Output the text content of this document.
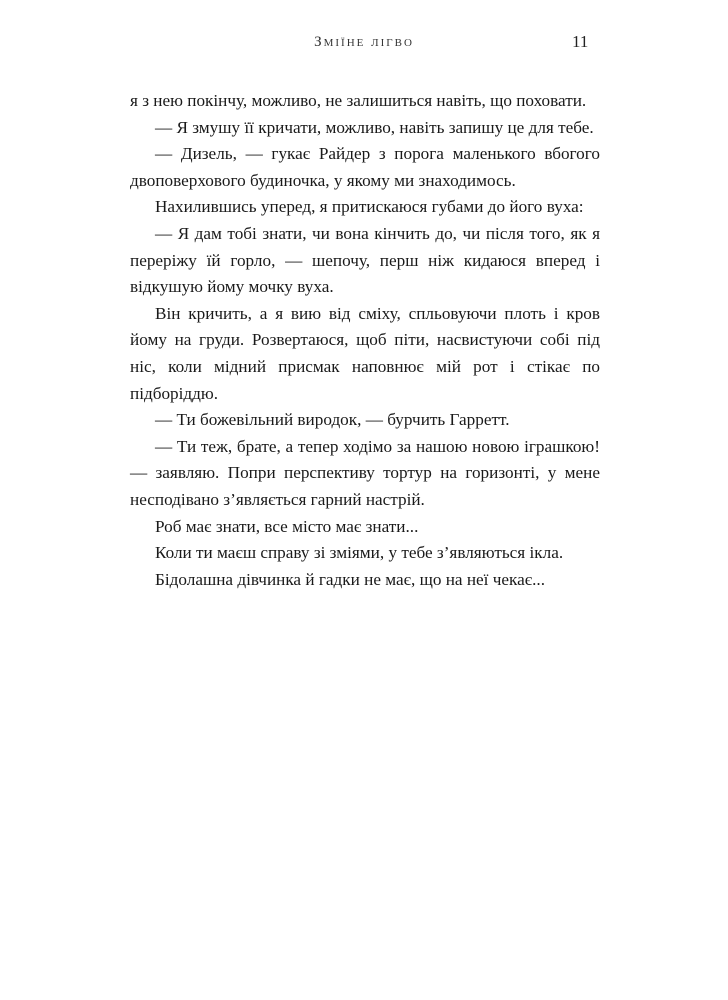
Зміїне лігво	11

я з нею покінчу, можливо, не залишиться навіть, що поховати.

— Я змушу її кричати, можливо, навіть запишу це для тебе.

— Дизель, — гукає Райдер з порога маленького вбогого двоповерхового будиночка, у якому ми знаходимось.

Нахилившись уперед, я притискаюся губами до його вуха:

— Я дам тобі знати, чи вона кінчить до, чи після того, як я переріжу їй горло, — шепочу, перш ніж кидаюся вперед і відкушую йому мочку вуха.

Він кричить, а я вию від сміху, спльовуючи плоть і кров йому на груди. Розвертаюся, щоб піти, насвистуючи собі під ніс, коли мідний присмак наповнює мій рот і стікає по підборіддю.

— Ти божевільний виродок, — бурчить Гарретт.

— Ти теж, брате, а тепер ходімо за нашою новою іграшкою! — заявляю. Попри перспективу тортур на горизонті, у мене несподівано з’являється гарний настрій.

Роб має знати, все місто має знати...

Коли ти маєш справу зі зміями, у тебе з’являються ікла.

Бідолашна дівчинка й гадки не має, що на неї чекає...
